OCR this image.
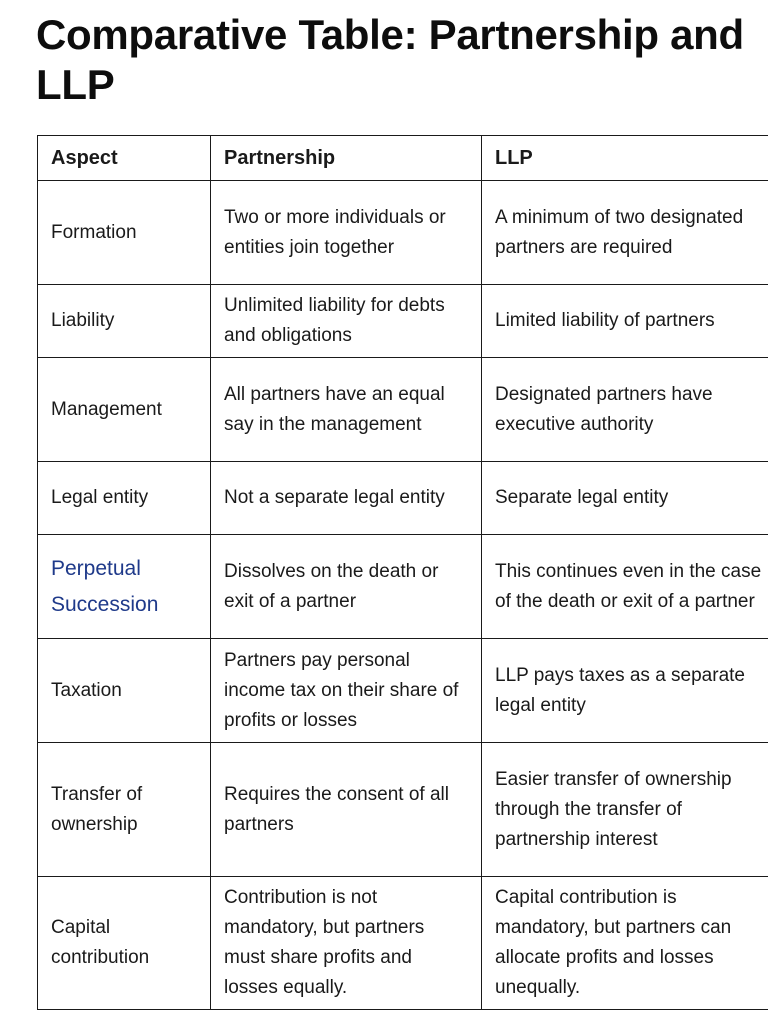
Comparative Table: Partnership and LLP
Aspect	Partnership	LLP
Formation	Two or more individuals or entities join together	A minimum of two designated partners are required
Liability	Unlimited liability for debts and obligations	Limited liability of partners
Management	All partners have an equal say in the management	Designated partners have executive authority
Legal entity	Not a separate legal entity	Separate legal entity
Perpetual Succession	Dissolves on the death or exit of a partner	This continues even in the case of the death or exit of a partner
Taxation	Partners pay personal income tax on their share of profits or losses	LLP pays taxes as a separate legal entity
Transfer of ownership	Requires the consent of all partners	Easier transfer of ownership through the transfer of partnership interest
Capital contribution	Contribution is not mandatory, but partners must share profits and losses equally.	Capital contribution is mandatory, but partners can allocate profits and losses unequally.
